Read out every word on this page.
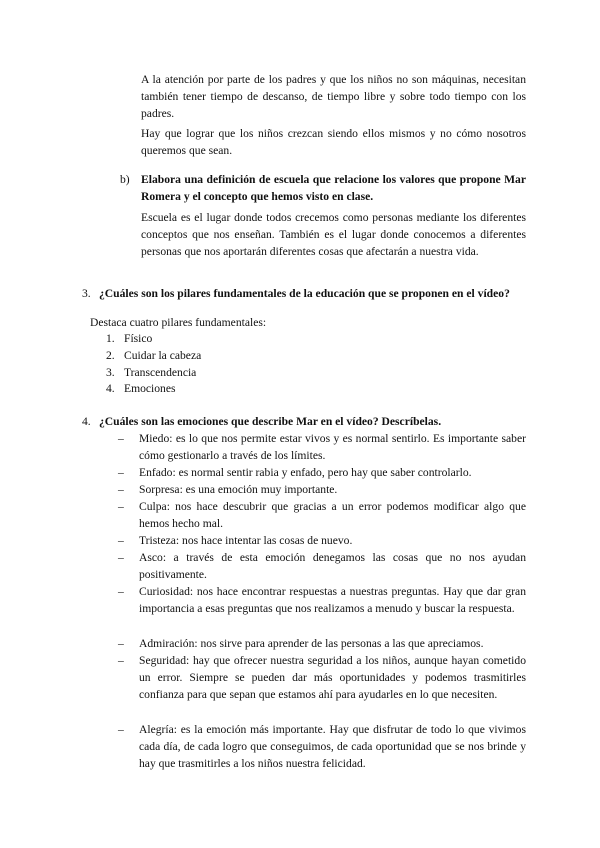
A la atención por parte de los padres y que los niños no son máquinas, necesitan también tener tiempo de descanso, de tiempo libre y sobre todo tiempo con los padres.

Hay que lograr que los niños crezcan siendo ellos mismos y no cómo nosotros queremos que sean.

b) Elabora una definición de escuela que relacione los valores que propone Mar Romera y el concepto que hemos visto en clase.

Escuela es el lugar donde todos crecemos como personas mediante los diferentes conceptos que nos enseñan. También es el lugar donde conocemos a diferentes personas que nos aportarán diferentes cosas que afectarán a nuestra vida.

3. ¿Cuáles son los pilares fundamentales de la educación que se proponen en el vídeo?

Destaca cuatro pilares fundamentales:

1. Físico
2. Cuidar la cabeza
3. Transcendencia
4. Emociones
4. ¿Cuáles son las emociones que describe Mar en el vídeo? Descríbelas.

– Miedo: es lo que nos permite estar vivos y es normal sentirlo. Es importante saber cómo gestionarlo a través de los límites.
– Enfado: es normal sentir rabia y enfado, pero hay que saber controlarlo.
– Sorpresa: es una emoción muy importante.
– Culpa: nos hace descubrir que gracias a un error podemos modificar algo que hemos hecho mal.
– Tristeza: nos hace intentar las cosas de nuevo.
– Asco: a través de esta emoción denegamos las cosas que no nos ayudan positivamente.
– Curiosidad: nos hace encontrar respuestas a nuestras preguntas. Hay que dar gran importancia a esas preguntas que nos realizamos a menudo y buscar la respuesta.
– Admiración: nos sirve para aprender de las personas a las que apreciamos.
– Seguridad: hay que ofrecer nuestra seguridad a los niños, aunque hayan cometido un error. Siempre se pueden dar más oportunidades y podemos trasmitirles confianza para que sepan que estamos ahí para ayudarles en lo que necesiten.
– Alegría: es la emoción más importante. Hay que disfrutar de todo lo que vivimos cada día, de cada logro que conseguimos, de cada oportunidad que se nos brinde y hay que trasmitirles a los niños nuestra felicidad.
